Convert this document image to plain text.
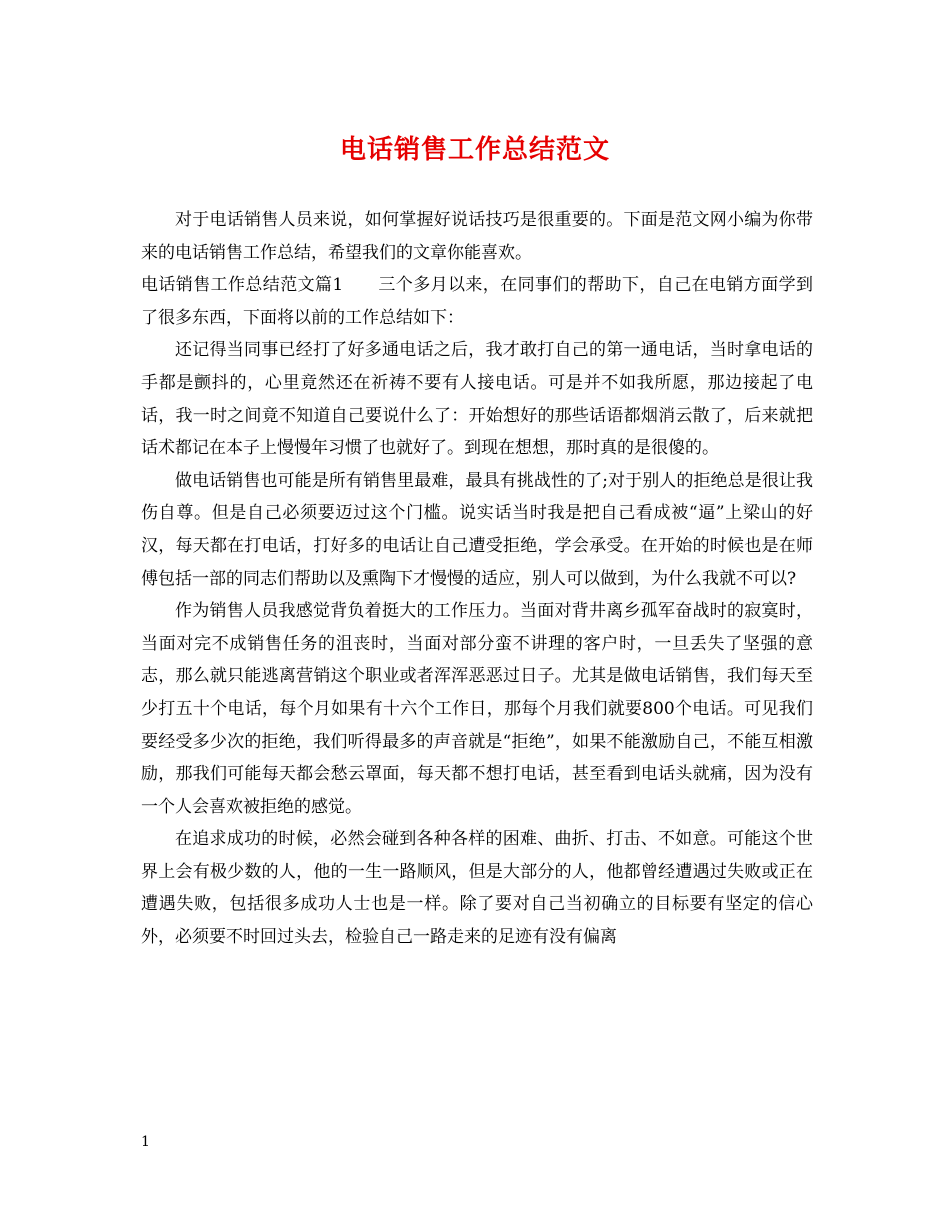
电话销售工作总结范文

对于电话销售人员来说，如何掌握好说话技巧是很重要的。下面是范文网小编为你带来的电话销售工作总结，希望我们的文章你能喜欢。

电话销售工作总结范文篇1　　三个多月以来，在同事们的帮助下，自己在电销方面学到了很多东西，下面将以前的工作总结如下：

还记得当同事已经打了好多通电话之后，我才敢打自己的第一通电话，当时拿电话的手都是颤抖的，心里竟然还在祈祷不要有人接电话。可是并不如我所愿，那边接起了电话，我一时之间竟不知道自己要说什么了：开始想好的那些话语都烟消云散了，后来就把话术都记在本子上慢慢年习惯了也就好了。到现在想想，那时真的是很傻的。

做电话销售也可能是所有销售里最难，最具有挑战性的了;对于别人的拒绝总是很让我伤自尊。但是自己必须要迈过这个门槛。说实话当时我是把自己看成被“逼”上梁山的好汉，每天都在打电话，打好多的电话让自己遭受拒绝，学会承受。在开始的时候也是在师傅包括一部的同志们帮助以及熏陶下才慢慢的适应，别人可以做到，为什么我就不可以?

作为销售人员我感觉背负着挺大的工作压力。当面对背井离乡孤军奋战时的寂寞时，当面对完不成销售任务的沮丧时，当面对部分蛮不讲理的客户时，一旦丢失了坚强的意志，那么就只能逃离营销这个职业或者浑浑恶恶过日子。尤其是做电话销售，我们每天至少打五十个电话，每个月如果有十六个工作日，那每个月我们就要800个电话。可见我们要经受多少次的拒绝，我们听得最多的声音就是“拒绝”，如果不能激励自己，不能互相激励，那我们可能每天都会愁云罩面，每天都不想打电话，甚至看到电话头就痛，因为没有一个人会喜欢被拒绝的感觉。

在追求成功的时候，必然会碰到各种各样的困难、曲折、打击、不如意。可能这个世界上会有极少数的人，他的一生一路顺风，但是大部分的人，他都曾经遭遇过失败或正在遭遇失败，包括很多成功人士也是一样。除了要对自己当初确立的目标要有坚定的信心外，必须要不时回过头去，检验自己一路走来的足迹有没有偏离

1
